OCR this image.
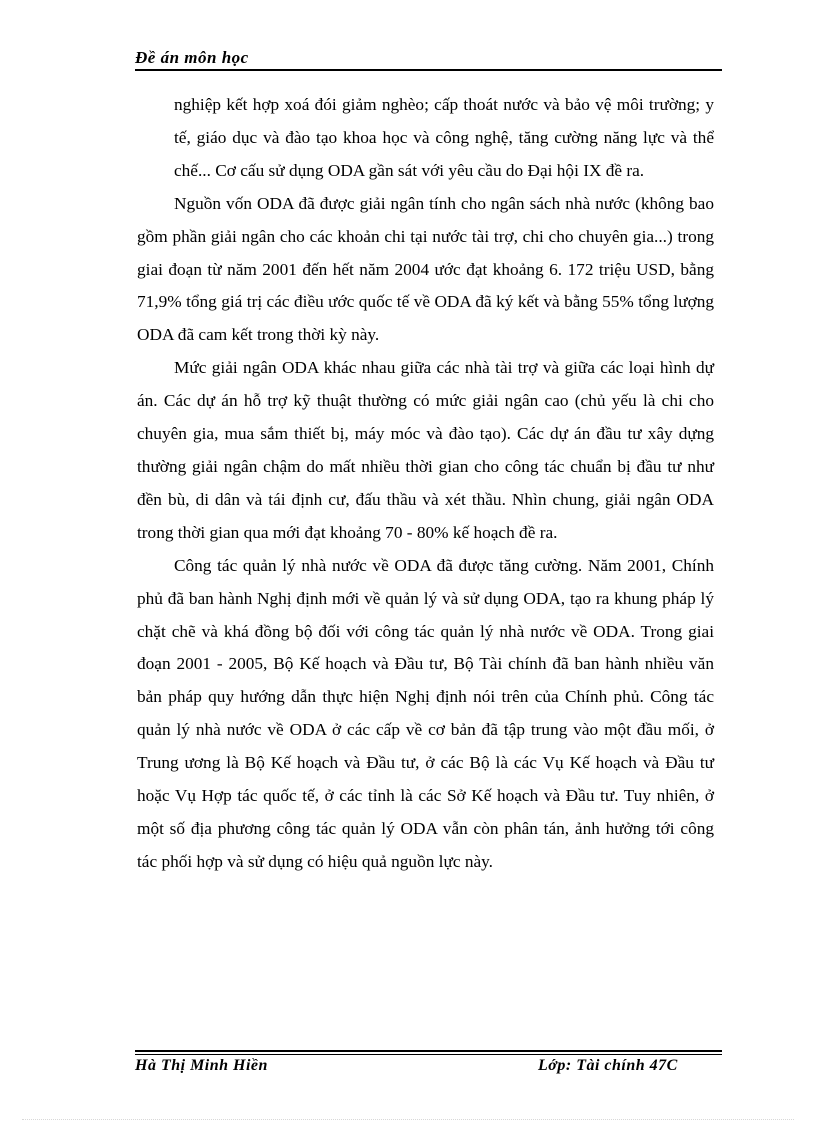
Đề án môn học

nghiệp kết hợp xoá đói giảm nghèo; cấp thoát nước và bảo vệ môi trường; y tế, giáo dục và đào tạo khoa học và công nghệ, tăng cường năng lực và thể chế... Cơ cấu sử dụng ODA gần sát với yêu cầu do Đại hội IX đề ra.

Nguồn vốn ODA đã được giải ngân tính cho ngân sách nhà nước (không bao gồm phần giải ngân cho các khoản chi tại nước tài trợ, chi cho chuyên gia...) trong giai đoạn từ năm 2001 đến hết năm 2004 ước đạt khoảng 6. 172 triệu USD, bằng 71,9% tổng giá trị các điều ước quốc tế về ODA đã ký kết và bằng 55% tổng lượng ODA đã cam kết trong thời kỳ này.

Mức giải ngân ODA khác nhau giữa các nhà tài trợ và giữa các loại hình dự án. Các dự án hỗ trợ kỹ thuật thường có mức giải ngân cao (chủ yếu là chi cho chuyên gia, mua sắm thiết bị, máy móc và đào tạo). Các dự án đầu tư xây dựng thường giải ngân chậm do mất nhiều thời gian cho công tác chuẩn bị đầu tư như đền bù, di dân và tái định cư, đấu thầu và xét thầu. Nhìn chung, giải ngân ODA trong thời gian qua mới đạt khoảng 70 - 80% kế hoạch đề ra.

Công tác quản lý nhà nước về ODA đã được tăng cường. Năm 2001, Chính phủ đã ban hành Nghị định mới về quản lý và sử dụng ODA, tạo ra khung pháp lý chặt chẽ và khá đồng bộ đối với công tác quản lý nhà nước về ODA. Trong giai đoạn 2001 - 2005, Bộ Kế hoạch và Đầu tư, Bộ Tài chính đã ban hành nhiều văn bản pháp quy hướng dẫn thực hiện Nghị định nói trên của Chính phủ. Công tác quản lý nhà nước về ODA ở các cấp về cơ bản đã tập trung vào một đầu mối, ở Trung ương là Bộ Kế hoạch và Đầu tư, ở các Bộ là các Vụ Kế hoạch và Đầu tư hoặc Vụ Hợp tác quốc tế, ở các tỉnh là các Sở Kế hoạch và Đầu tư. Tuy nhiên, ở một số địa phương công tác quản lý ODA vẫn còn phân tán, ảnh hưởng tới công tác phối hợp và sử dụng có hiệu quả nguồn lực này.

Hà Thị Minh Hiền	Lớp: Tài chính 47C
